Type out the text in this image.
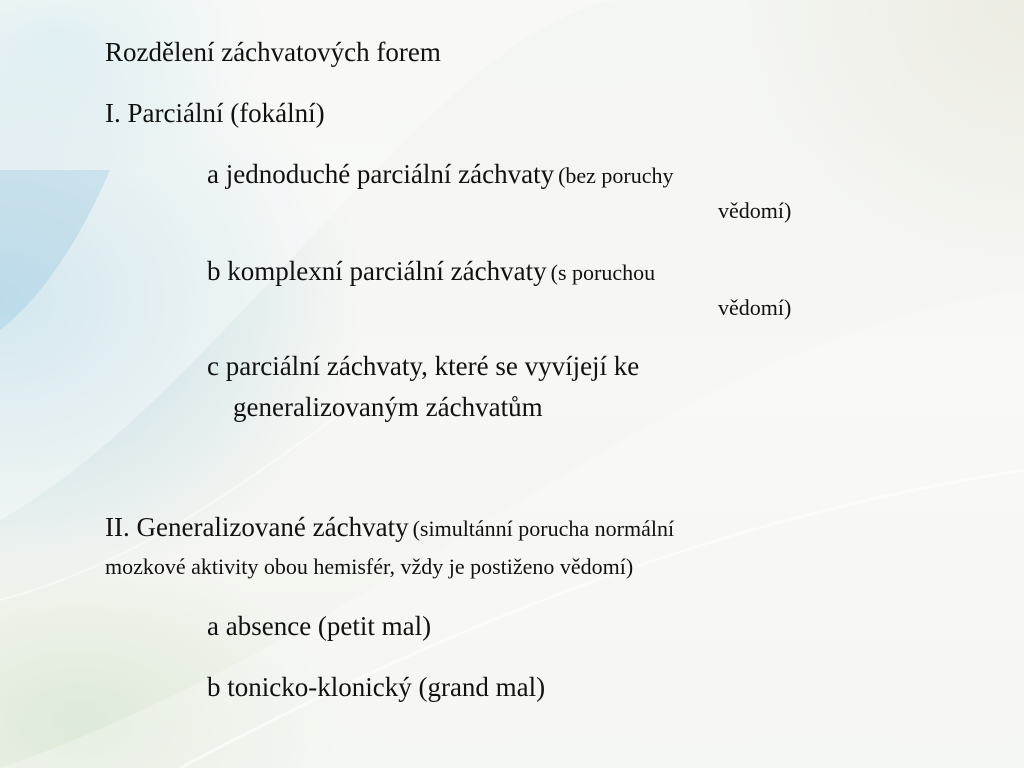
Rozdělení záchvatových forem

I. Parciální (fokální)

a jednoduché parciální záchvaty (bez poruchy

vědomí)

b komplexní parciální záchvaty (s poruchou

vědomí)

c parciální záchvaty, které se vyvíjejí ke

generalizovaným záchvatům

II. Generalizované záchvaty (simultánní porucha normální

mozkové aktivity obou hemisfér, vždy je postiženo vědomí)

a absence (petit mal)

b tonicko-klonický (grand mal)
